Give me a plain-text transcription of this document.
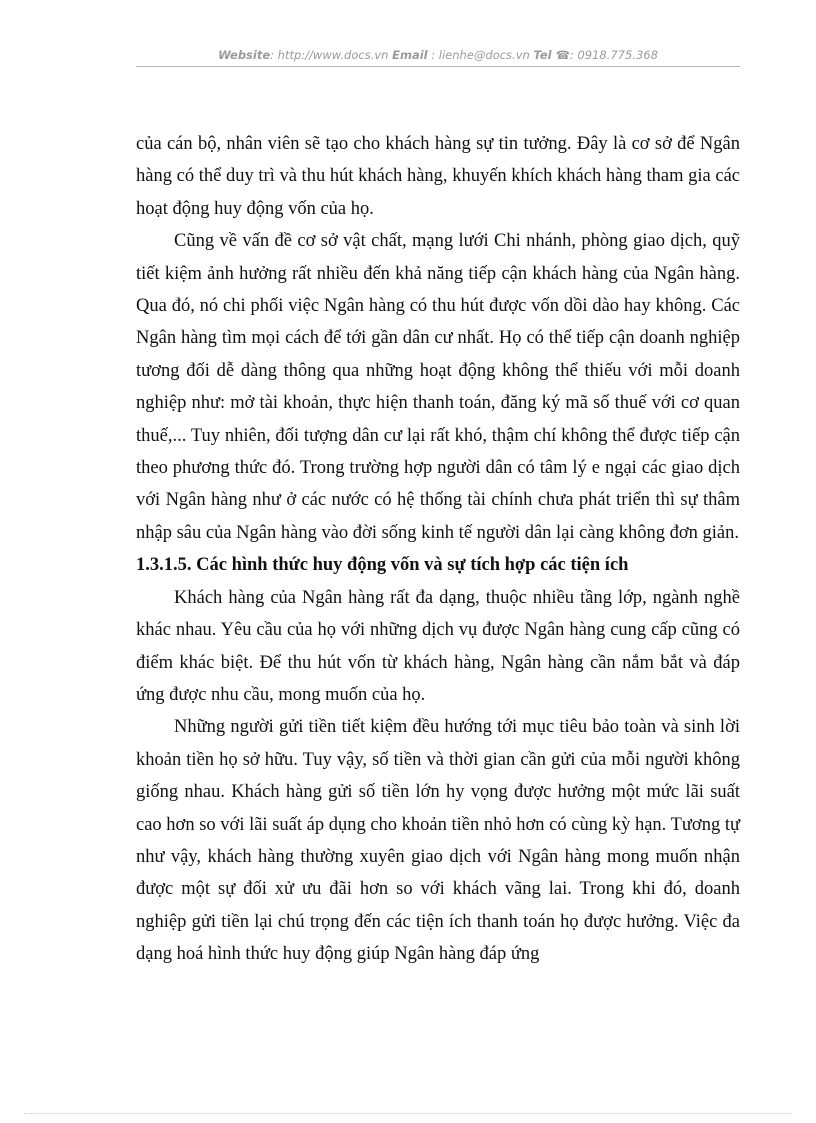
Website: http://www.docs.vn Email : lienhe@docs.vn Tel ☎: 0918.775.368

của cán bộ, nhân viên sẽ tạo cho khách hàng sự tin tưởng. Đây là cơ sở để Ngân hàng có thể duy trì và thu hút khách hàng, khuyến khích khách hàng tham gia các hoạt động huy động vốn của họ.

Cũng về vấn đề cơ sở vật chất, mạng lưới Chi nhánh, phòng giao dịch, quỹ tiết kiệm ảnh hưởng rất nhiều đến khả năng tiếp cận khách hàng của Ngân hàng. Qua đó, nó chi phối việc Ngân hàng có thu hút được vốn dồi dào hay không. Các Ngân hàng tìm mọi cách để tới gần dân cư nhất. Họ có thể tiếp cận doanh nghiệp tương đối dễ dàng thông qua những hoạt động không thể thiếu với mỗi doanh nghiệp như: mở tài khoản, thực hiện thanh toán, đăng ký mã số thuế với cơ quan thuế,... Tuy nhiên, đối tượng dân cư lại rất khó, thậm chí không thể được tiếp cận theo phương thức đó. Trong trường hợp người dân có tâm lý e ngại các giao dịch với Ngân hàng như ở các nước có hệ thống tài chính chưa phát triển thì sự thâm nhập sâu của Ngân hàng vào đời sống kinh tế người dân lại càng không đơn giản.

1.3.1.5. Các hình thức huy động vốn và sự tích hợp các tiện ích

Khách hàng của Ngân hàng rất đa dạng, thuộc nhiều tầng lớp, ngành nghề khác nhau. Yêu cầu của họ với những dịch vụ được Ngân hàng cung cấp cũng có điểm khác biệt. Để thu hút vốn từ khách hàng, Ngân hàng cần nắm bắt và đáp ứng được nhu cầu, mong muốn của họ.

Những người gửi tiền tiết kiệm đều hướng tới mục tiêu bảo toàn và sinh lời khoản tiền họ sở hữu. Tuy vậy, số tiền và thời gian cần gửi của mỗi người không giống nhau. Khách hàng gửi số tiền lớn hy vọng được hưởng một mức lãi suất cao hơn so với lãi suất áp dụng cho khoản tiền nhỏ hơn có cùng kỳ hạn. Tương tự như vậy, khách hàng thường xuyên giao dịch với Ngân hàng mong muốn nhận được một sự đối xử ưu đãi hơn so với khách vãng lai. Trong khi đó, doanh nghiệp gửi tiền lại chú trọng đến các tiện ích thanh toán họ được hưởng. Việc đa dạng hoá hình thức huy động giúp Ngân hàng đáp ứng
